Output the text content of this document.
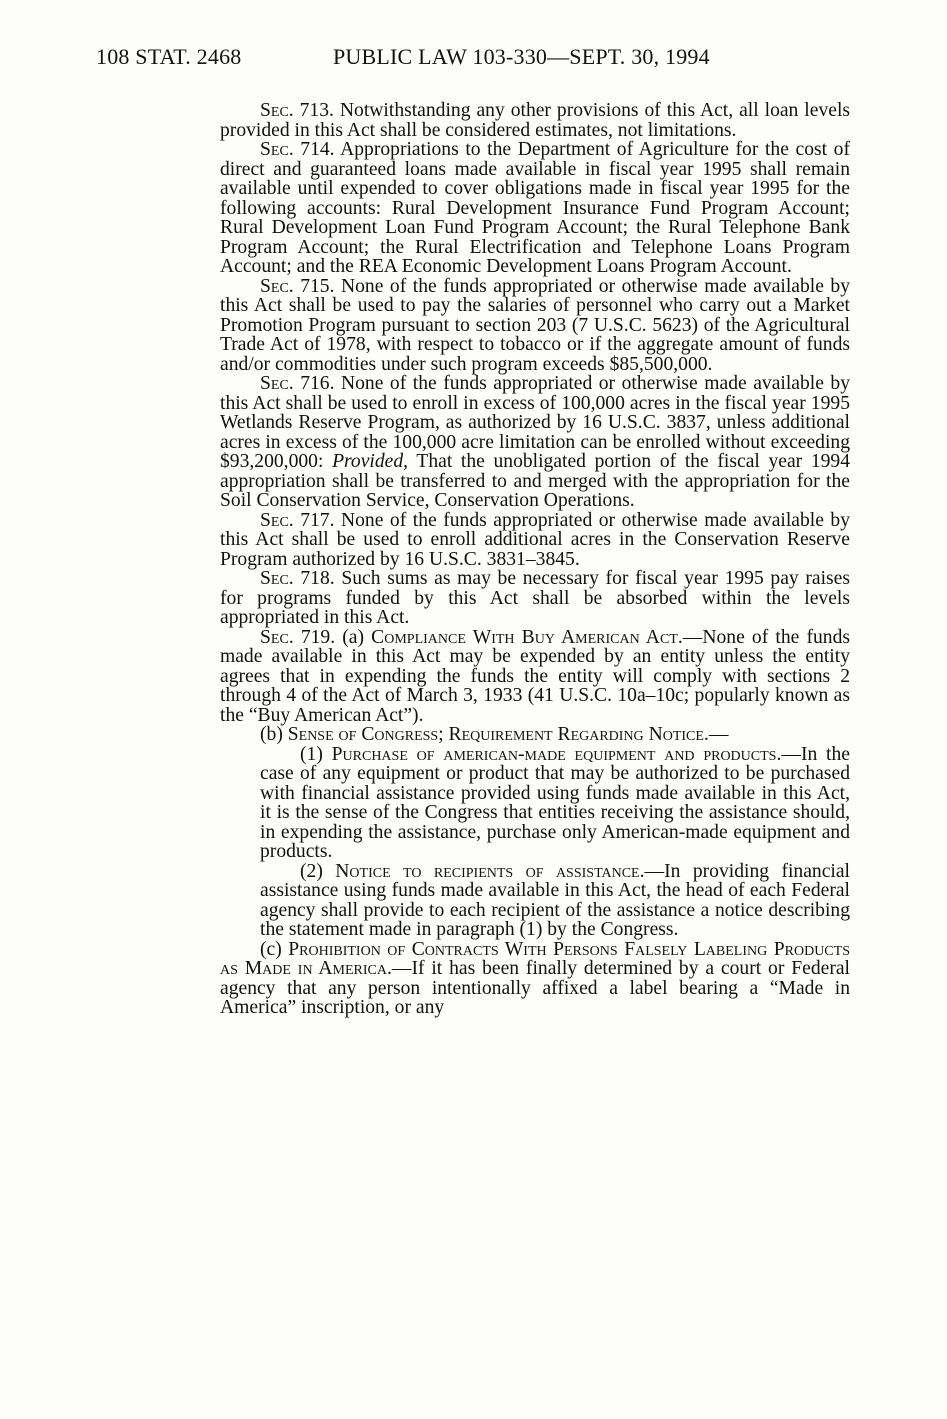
108 STAT. 2468	PUBLIC LAW 103-330—SEPT. 30, 1994

Sec. 713. Notwithstanding any other provisions of this Act, all loan levels provided in this Act shall be considered estimates, not limitations.

Sec. 714. Appropriations to the Department of Agriculture for the cost of direct and guaranteed loans made available in fiscal year 1995 shall remain available until expended to cover obligations made in fiscal year 1995 for the following accounts: Rural Development Insurance Fund Program Account; Rural Development Loan Fund Program Account; the Rural Telephone Bank Program Account; the Rural Electrification and Telephone Loans Program Account; and the REA Economic Development Loans Program Account.

Sec. 715. None of the funds appropriated or otherwise made available by this Act shall be used to pay the salaries of personnel who carry out a Market Promotion Program pursuant to section 203 (7 U.S.C. 5623) of the Agricultural Trade Act of 1978, with respect to tobacco or if the aggregate amount of funds and/or commodities under such program exceeds $85,500,000.

Sec. 716. None of the funds appropriated or otherwise made available by this Act shall be used to enroll in excess of 100,000 acres in the fiscal year 1995 Wetlands Reserve Program, as authorized by 16 U.S.C. 3837, unless additional acres in excess of the 100,000 acre limitation can be enrolled without exceeding $93,200,000: Provided, That the unobligated portion of the fiscal year 1994 appropriation shall be transferred to and merged with the appropriation for the Soil Conservation Service, Conservation Operations.

Sec. 717. None of the funds appropriated or otherwise made available by this Act shall be used to enroll additional acres in the Conservation Reserve Program authorized by 16 U.S.C. 3831–3845.

Sec. 718. Such sums as may be necessary for fiscal year 1995 pay raises for programs funded by this Act shall be absorbed within the levels appropriated in this Act.

Sec. 719. (a) Compliance With Buy American Act.—None of the funds made available in this Act may be expended by an entity unless the entity agrees that in expending the funds the entity will comply with sections 2 through 4 of the Act of March 3, 1933 (41 U.S.C. 10a–10c; popularly known as the “Buy American Act”).

(b) Sense of Congress; Requirement Regarding Notice.—

(1) Purchase of american-made equipment and products.—In the case of any equipment or product that may be authorized to be purchased with financial assistance provided using funds made available in this Act, it is the sense of the Congress that entities receiving the assistance should, in expending the assistance, purchase only American-made equipment and products.

(2) Notice to recipients of assistance.—In providing financial assistance using funds made available in this Act, the head of each Federal agency shall provide to each recipient of the assistance a notice describing the statement made in paragraph (1) by the Congress.

(c) Prohibition of Contracts With Persons Falsely Labeling Products as Made in America.—If it has been finally determined by a court or Federal agency that any person intentionally affixed a label bearing a “Made in America” inscription, or any
